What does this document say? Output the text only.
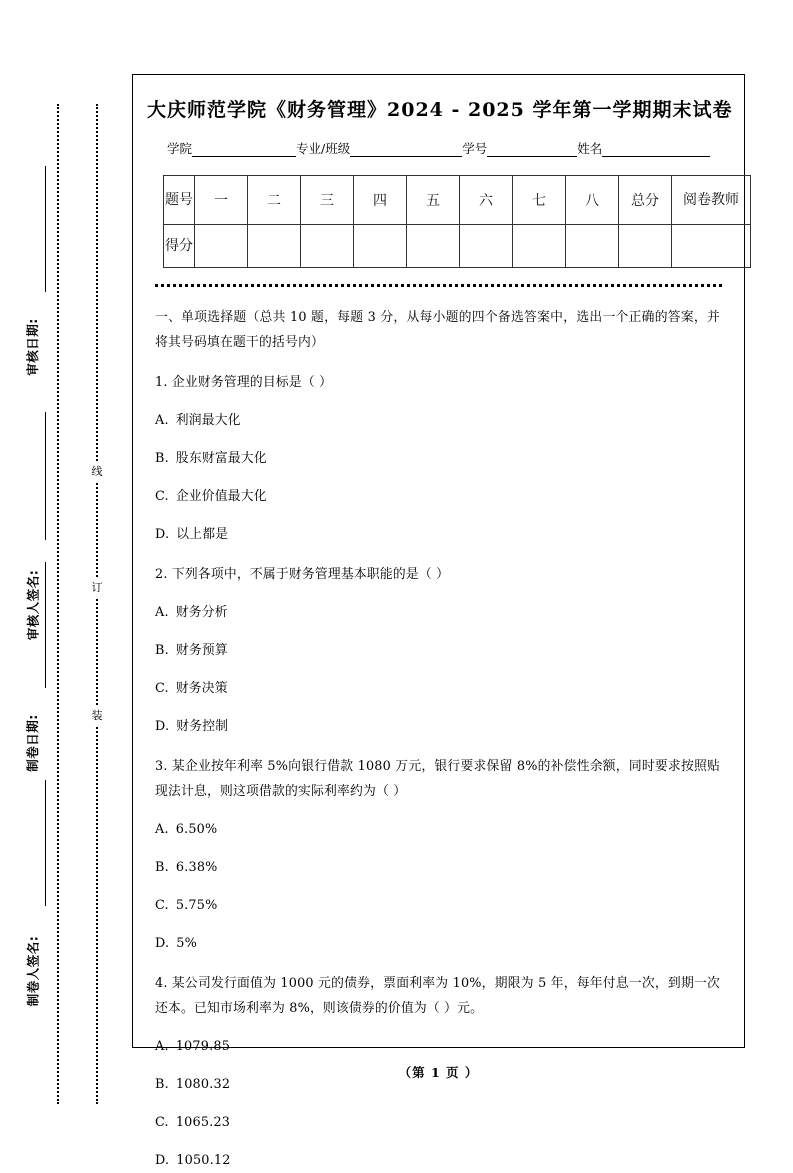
线
订
装
审核日期:
审核人签名:
制卷日期:
制卷人签名:
大庆师范学院《财务管理》2024 - 2025 学年第一学期期末试卷
学院	专业/班级	学号	姓名
题号	一	二	三	四	五	六	七	八	总分	阅卷教师
得分										
一、单项选择题（总共 10 题，每题 3 分，从每小题的四个备选答案中，选出一个正确的答案，并将其号码填在题干的括号内）
1. 企业财务管理的目标是（ ）
A. 利润最大化
B. 股东财富最大化
C. 企业价值最大化
D. 以上都是
2. 下列各项中，不属于财务管理基本职能的是（ ）
A. 财务分析
B. 财务预算
C. 财务决策
D. 财务控制
3. 某企业按年利率 5%向银行借款 1080 万元，银行要求保留 8%的补偿性余额，同时要求按照贴现法计息，则这项借款的实际利率约为（ ）
A. 6.50%
B. 6.38%
C. 5.75%
D. 5%
4. 某公司发行面值为 1000 元的债券，票面利率为 10%，期限为 5 年，每年付息一次，到期一次还本。已知市场利率为 8%，则该债券的价值为（ ）元。
A. 1079.85
B. 1080.32
C. 1065.23
D. 1050.12
（第 1 页 ）
